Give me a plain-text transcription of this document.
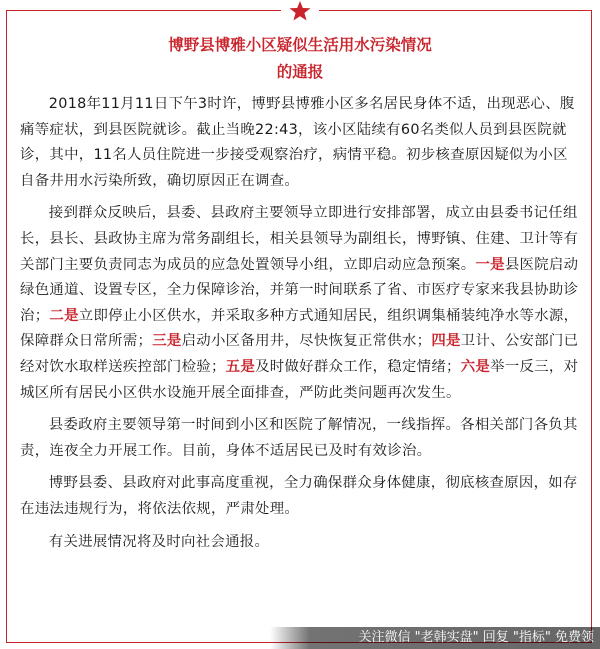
博野县博雅小区疑似生活用水污染情况
的通报

2018年11月11日下午3时许，博野县博雅小区多名居民身体不适，出现恶心、腹痛等症状，到县医院就诊。截止当晚22:43，该小区陆续有60名类似人员到县医院就诊，其中，11名人员住院进一步接受观察治疗，病情平稳。初步核查原因疑似为小区自备井用水污染所致，确切原因正在调查。

接到群众反映后，县委、县政府主要领导立即进行安排部署，成立由县委书记任组长，县长、县政协主席为常务副组长，相关县领导为副组长，博野镇、住建、卫计等有关部门主要负责同志为成员的应急处置领导小组，立即启动应急预案。一是县医院启动绿色通道、设置专区，全力保障诊治，并第一时间联系了省、市医疗专家来我县协助诊治；二是立即停止小区供水，并采取多种方式通知居民，组织调集桶装纯净水等水源，保障群众日常所需；三是启动小区备用井，尽快恢复正常供水；四是卫计、公安部门已经对饮水取样送疾控部门检验；五是及时做好群众工作，稳定情绪；六是举一反三，对城区所有居民小区供水设施开展全面排查，严防此类问题再次发生。

县委政府主要领导第一时间到小区和医院了解情况，一线指挥。各相关部门各负其责，连夜全力开展工作。目前，身体不适居民已及时有效诊治。

博野县委、县政府对此事高度重视，全力确保群众身体健康，彻底核查原因，如存在违法违规行为，将依法依规，严肃处理。

有关进展情况将及时向社会通报。

关注微信 "老韩实盘" 回复 "指标" 免费领
